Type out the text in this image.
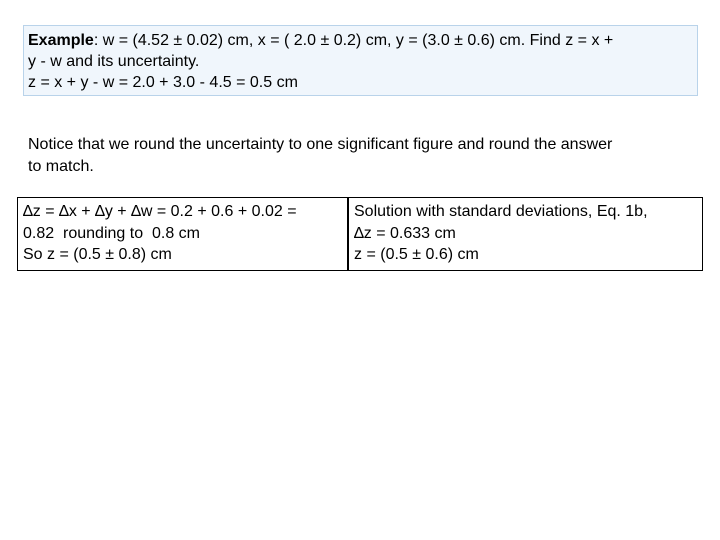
Example: w = (4.52 ± 0.02) cm, x = ( 2.0 ± 0.2) cm, y = (3.0 ± 0.6) cm. Find z = x +
y - w and its uncertainty.
z = x + y - w = 2.0 + 3.0 - 4.5 = 0.5 cm
Notice that we round the uncertainty to one significant figure and round the answer
to match.
∆z = ∆x + ∆y + ∆w = 0.2 + 0.6 + 0.02 =
0.82  rounding to  0.8 cm
So z = (0.5 ± 0.8) cm
Solution with standard deviations, Eq. 1b,
∆z = 0.633 cm
z = (0.5 ± 0.6) cm
